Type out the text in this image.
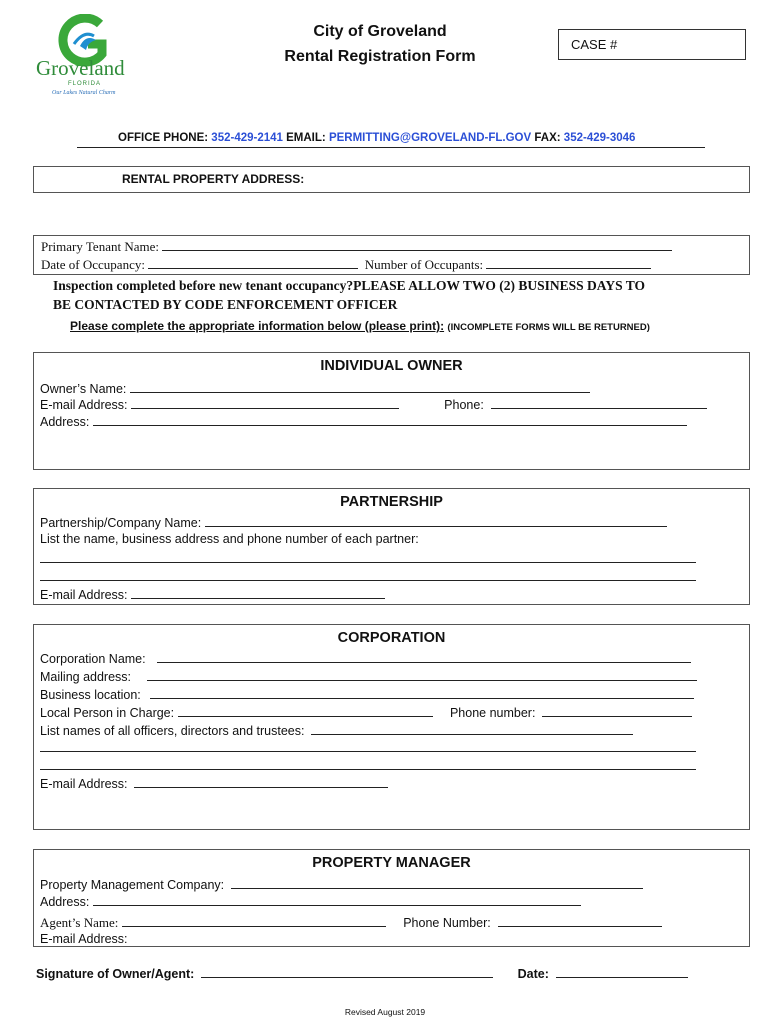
Groveland
FLORIDA
Our Lakes Natural Charm
City of Groveland
Rental Registration Form
CASE #
OFFICE PHONE: 352-429-2141 EMAIL: PERMITTING@GROVELAND-FL.GOV FAX: 352-429-3046
RENTAL PROPERTY ADDRESS:
Primary Tenant Name:
Date of Occupancy:	Number of Occupants:
Inspection completed before new tenant occupancy?PLEASE ALLOW TWO (2) BUSINESS DAYS TO
BE CONTACTED BY CODE ENFORCEMENT OFFICER
Please complete the appropriate information below (please print): (INCOMPLETE FORMS WILL BE RETURNED)
INDIVIDUAL OWNER
Owner’s Name:
E-mail Address:	Phone:
Address:
PARTNERSHIP
Partnership/Company Name:
List the name, business address and phone number of each partner:
E-mail Address:
CORPORATION
Corporation Name:
Mailing address:
Business location:
Local Person in Charge:	Phone number:
List names of all officers, directors and trustees:
E-mail Address:
PROPERTY MANAGER
Property Management Company:
Address:
Agent’s Name:	Phone Number:
E-mail Address:
Signature of Owner/Agent:	Date:
Revised August 2019
